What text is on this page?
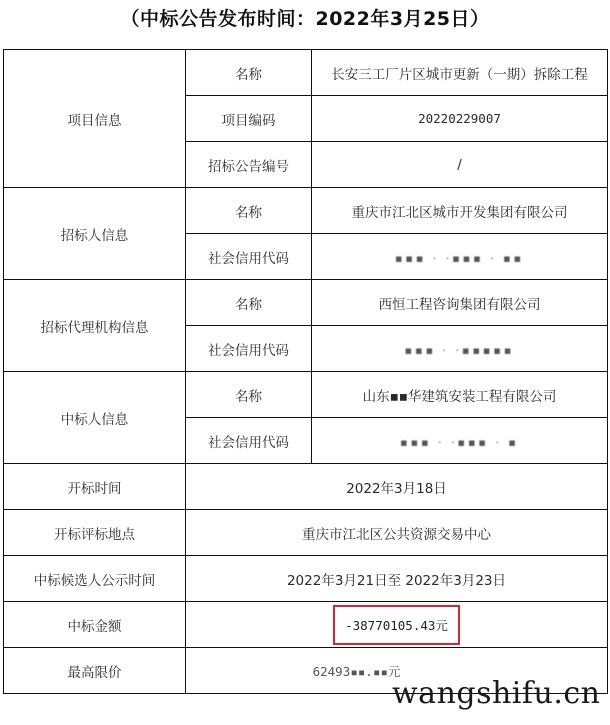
（中标公告发布时间：2022年3月25日）
项目信息	名称	长安三工厂片区城市更新（一期）拆除工程
	项目编码	20220229007
	招标公告编号	/
招标人信息	名称	重庆市江北区城市开发集团有限公司
	社会信用代码	▪▪▪ · ·▪▪▪ · ▪▪
招标代理机构信息	名称	西恒工程咨询集团有限公司
	社会信用代码	▪▪▪ · ·▪▪▪▪▪
中标人信息	名称	山东▪▪华建筑安装工程有限公司
	社会信用代码	▪▪▪ · ·▪▪▪ · ▪
开标时间	2022年3月18日	
开标评标地点	重庆市江北区公共资源交易中心	
中标候选人公示时间	2022年3月21日至 2022年3月23日	
中标金额	-38770105.43元	
最高限价	62493▪▪.▪▪元	
wangshifu.cn
